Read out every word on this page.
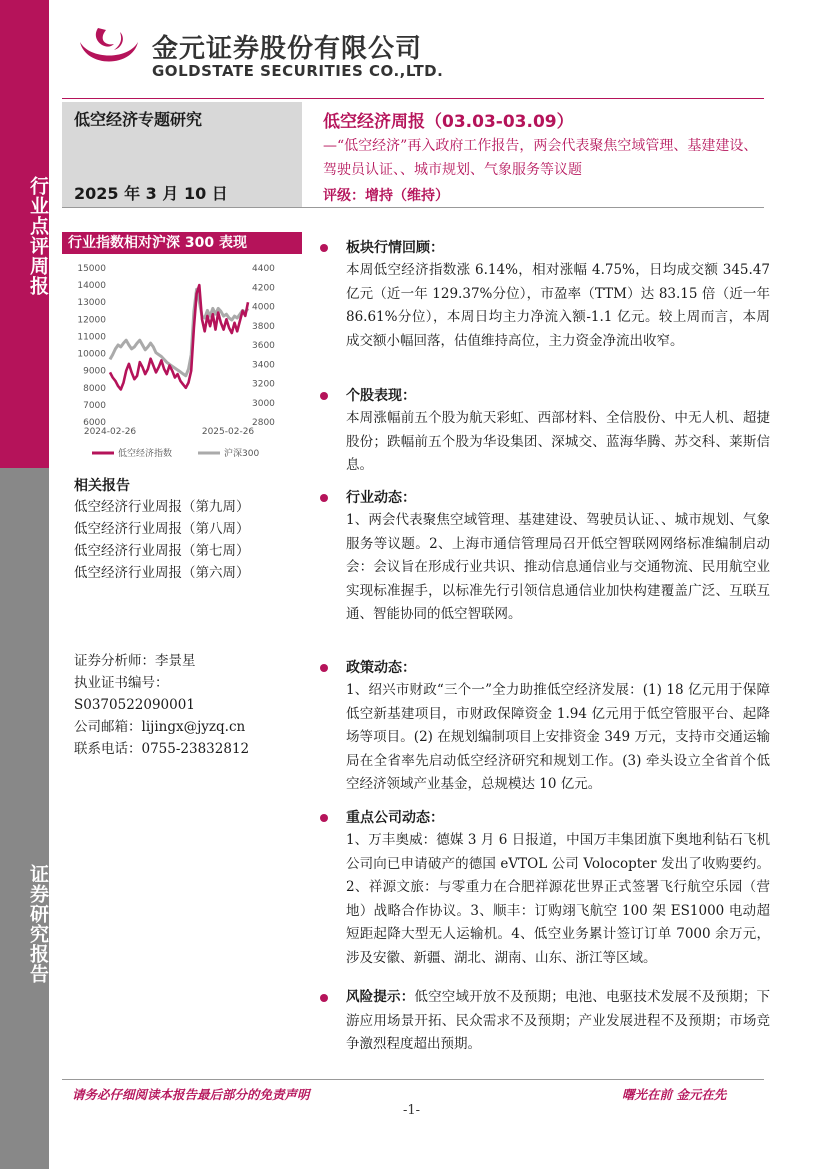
行业点评周报
证券研究报告
金元证券股份有限公司
GOLDSTATE SECURITIES CO.,LTD.
低空经济专题研究
2025 年 3 月 10 日
低空经济周报（03.03-03.09）
—“低空经济”再入政府工作报告，两会代表聚焦空域管理、基建建设、驾驶员认证、、城市规划、气象服务等议题
评级：增持（维持）
行业指数相对沪深 300 表现
15000
14000
13000
12000
11000
10000
9000
8000
7000
6000
4400
4200
4000
3800
3600
3400
3200
3000
2800
2024-02-26	2025-02-26
低空经济指数	沪深300
相关报告
低空经济行业周报（第九周）
低空经济行业周报（第八周）
低空经济行业周报（第七周）
低空经济行业周报（第六周）
证券分析师：李景星
执业证书编号：
S0370522090001
公司邮箱：lijingx@jyzq.cn
联系电话：0755-23832812
板块行情回顾：
本周低空经济指数涨 6.14%，相对涨幅 4.75%，日均成交额 345.47 亿元（近一年 129.37%分位），市盈率（TTM）达 83.15 倍（近一年 86.61%分位），本周日均主力净流入额-1.1 亿元。较上周而言，本周成交额小幅回落，估值维持高位，主力资金净流出收窄。
个股表现：
本周涨幅前五个股为航天彩虹、西部材料、全信股份、中无人机、超捷股份；跌幅前五个股为华设集团、深城交、蓝海华腾、苏交科、莱斯信息。
行业动态：
1、两会代表聚焦空域管理、基建建设、驾驶员认证、、城市规划、气象服务等议题。2、上海市通信管理局召开低空智联网网络标准编制启动会：会议旨在形成行业共识、推动信息通信业与交通物流、民用航空业实现标准握手，以标准先行引领信息通信业加快构建覆盖广泛、互联互通、智能协同的低空智联网。
政策动态：
1、绍兴市财政“三个一”全力助推低空经济发展：(1) 18 亿元用于保障低空新基建项目，市财政保障资金 1.94 亿元用于低空管服平台、起降场等项目。(2) 在规划编制项目上安排资金 349 万元，支持市交通运输局在全省率先启动低空经济研究和规划工作。(3) 牵头设立全省首个低空经济领域产业基金，总规模达 10 亿元。
重点公司动态：
1、万丰奥威：德媒 3 月 6 日报道，中国万丰集团旗下奥地利钻石飞机公司向已申请破产的德国 eVTOL 公司 Volocopter 发出了收购要约。2、祥源文旅：与零重力在合肥祥源花世界正式签署飞行航空乐园（营地）战略合作协议。3、顺丰：订购翊飞航空 100 架 ES1000 电动超短距起降大型无人运输机。4、低空业务累计签订订单 7000 余万元，涉及安徽、新疆、湖北、湖南、山东、浙江等区域。
风险提示：低空空域开放不及预期；电池、电驱技术发展不及预期；下游应用场景开拓、民众需求不及预期；产业发展进程不及预期；市场竞争激烈程度超出预期。
请务必仔细阅读本报告最后部分的免责声明	曙光在前 金元在先
-1-
